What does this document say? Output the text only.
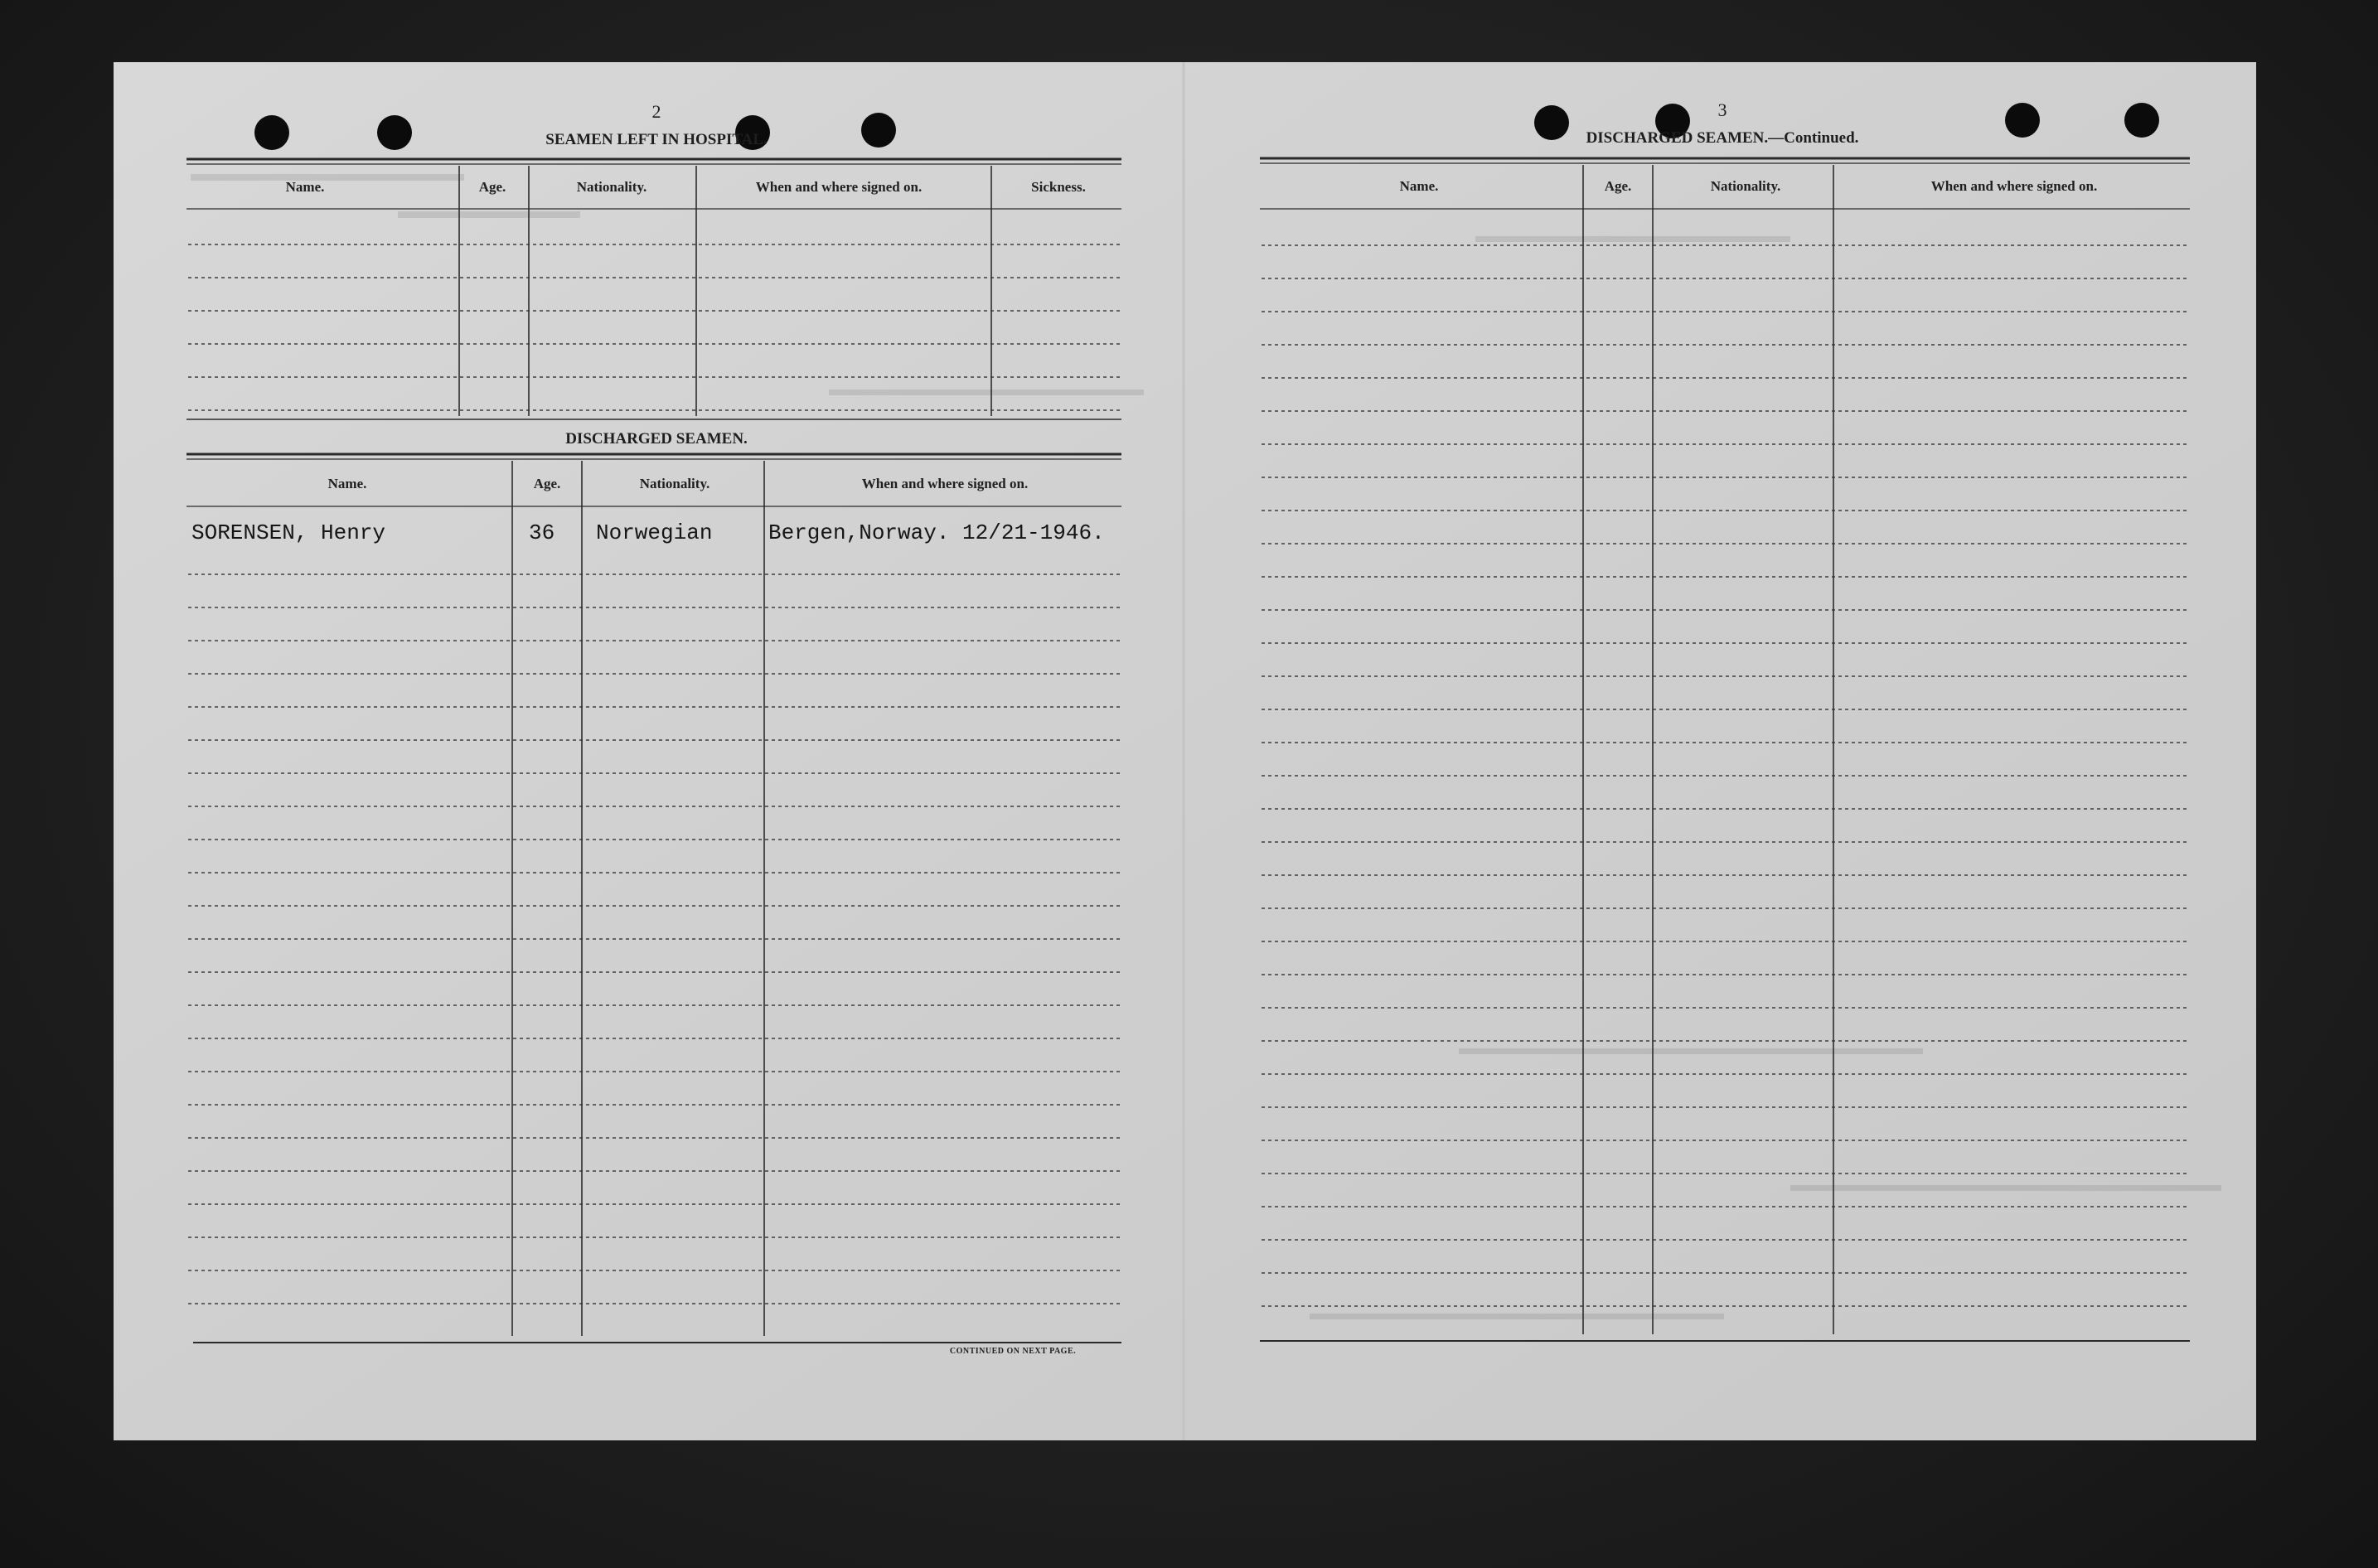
2
SEAMEN LEFT IN HOSPITAL.
Name.	Age.	Nationality.	When and where signed on.	Sickness.
DISCHARGED SEAMEN.
Name.	Age.	Nationality.	When and where signed on.
SORENSEN, Henry	36 Norwegian	Bergen,Norway. 12/21-1946.
CONTINUED ON NEXT PAGE.
3
DISCHARGED SEAMEN.—Continued.
Name.	Age.	Nationality.	When and where signed on.
